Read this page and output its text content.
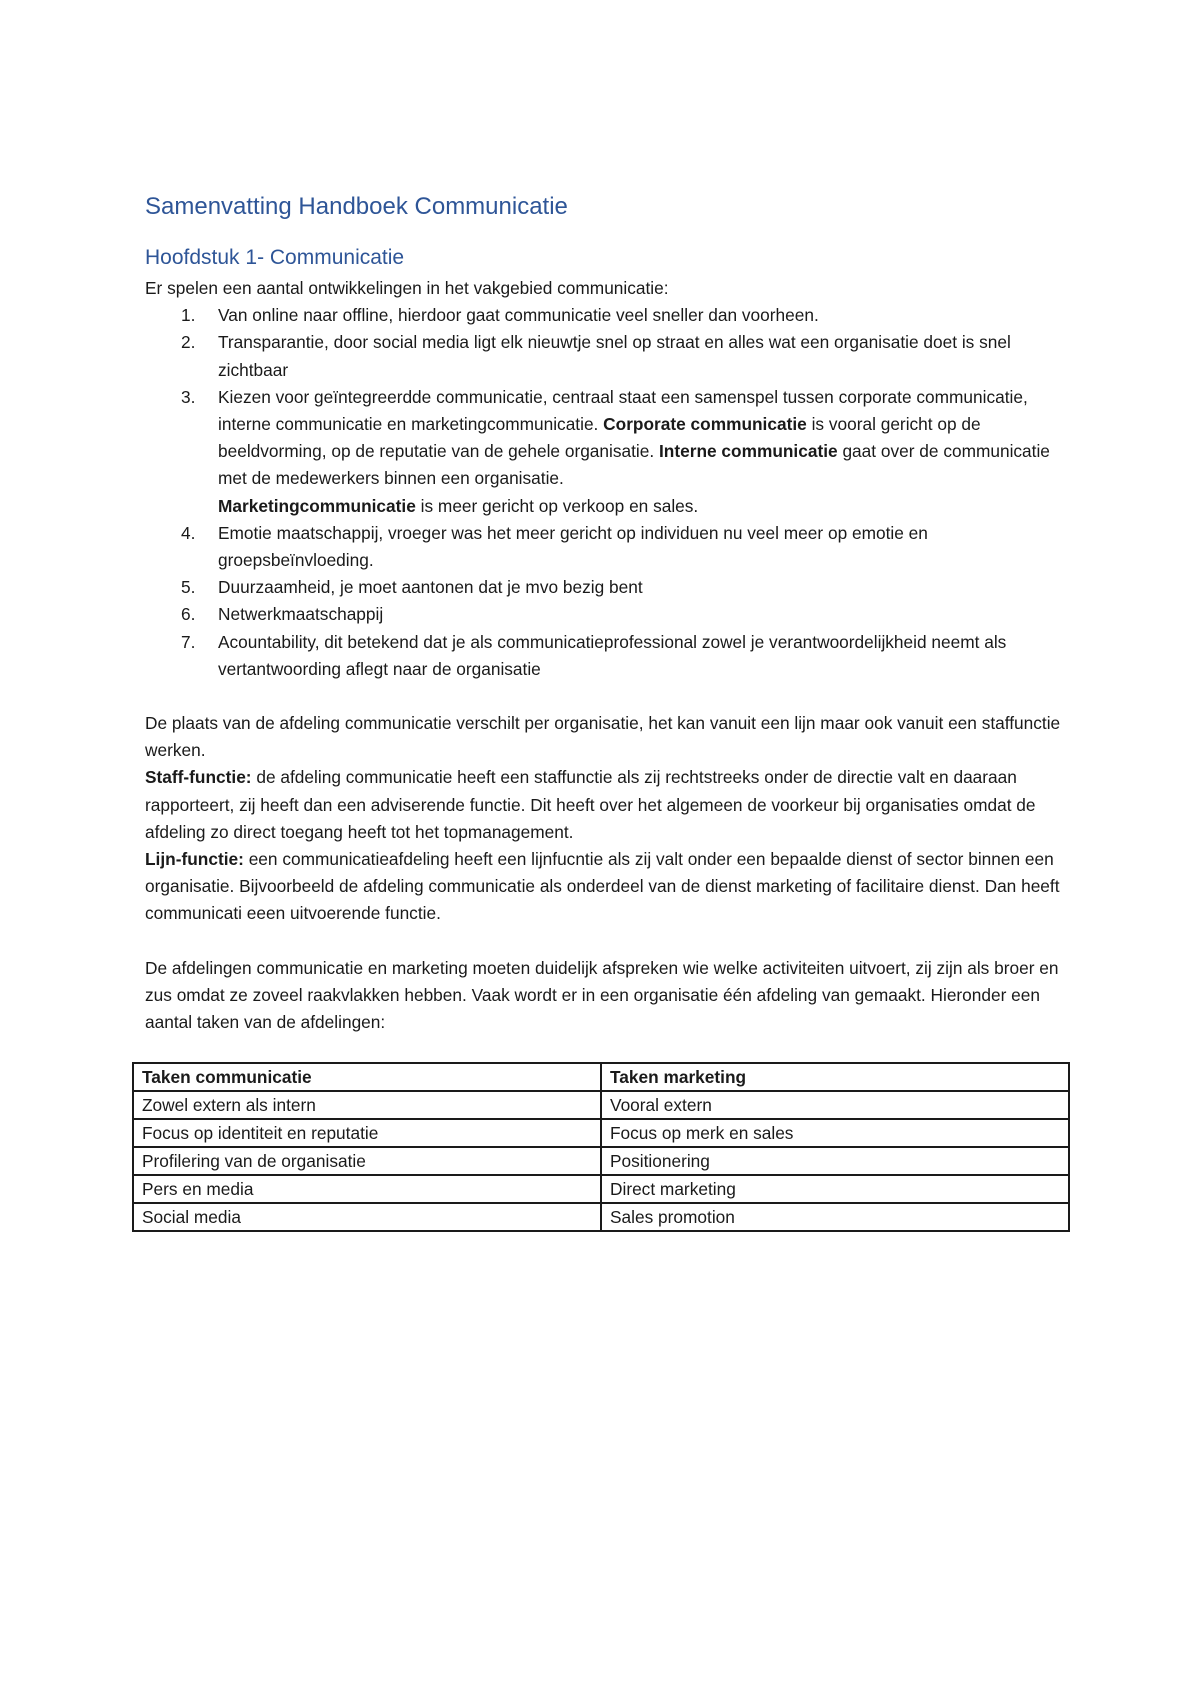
Samenvatting Handboek Communicatie
Hoofdstuk 1- Communicatie

Er spelen een aantal ontwikkelingen in het vakgebied communicatie:

1. Van online naar offline, hierdoor gaat communicatie veel sneller dan voorheen.
2. Transparantie, door social media ligt elk nieuwtje snel op straat en alles wat een organisatie doet is snel zichtbaar
3. Kiezen voor geïntegreerdde communicatie, centraal staat een samenspel tussen corporate communicatie, interne communicatie en marketingcommunicatie. Corporate communicatie is vooral gericht op de beeldvorming, op de reputatie van de gehele organisatie. Interne communicatie gaat over de communicatie met de medewerkers binnen een organisatie.
Marketingcommunicatie is meer gericht op verkoop en sales.
4. Emotie maatschappij, vroeger was het meer gericht op individuen nu veel meer op emotie en groepsbeïnvloeding.
5. Duurzaamheid, je moet aantonen dat je mvo bezig bent
6. Netwerkmaatschappij
7. Acountability, dit betekend dat je als communicatieprofessional zowel je verantwoordelijkheid neemt als vertantwoording aflegt naar de organisatie

De plaats van de afdeling communicatie verschilt per organisatie, het kan vanuit een lijn maar ook vanuit een staffunctie werken.
Staff-functie: de afdeling communicatie heeft een staffunctie als zij rechtstreeks onder de directie valt en daaraan rapporteert, zij heeft dan een adviserende functie. Dit heeft over het algemeen de voorkeur bij organisaties omdat de afdeling zo direct toegang heeft tot het topmanagement.
Lijn-functie: een communicatieafdeling heeft een lijnfucntie als zij valt onder een bepaalde dienst of sector binnen een organisatie. Bijvoorbeeld de afdeling communicatie als onderdeel van de dienst marketing of facilitaire dienst. Dan heeft communicati eeen uitvoerende functie.

De afdelingen communicatie en marketing moeten duidelijk afspreken wie welke activiteiten uitvoert, zij zijn als broer en zus omdat ze zoveel raakvlakken hebben. Vaak wordt er in een organisatie één afdeling van gemaakt. Hieronder een aantal taken van de afdelingen:

Taken communicatie	Taken marketing
Zowel extern als intern	Vooral extern
Focus op identiteit en reputatie	Focus op merk en sales
Profilering van de organisatie	Positionering
Pers en media	Direct marketing
Social media	Sales promotion
